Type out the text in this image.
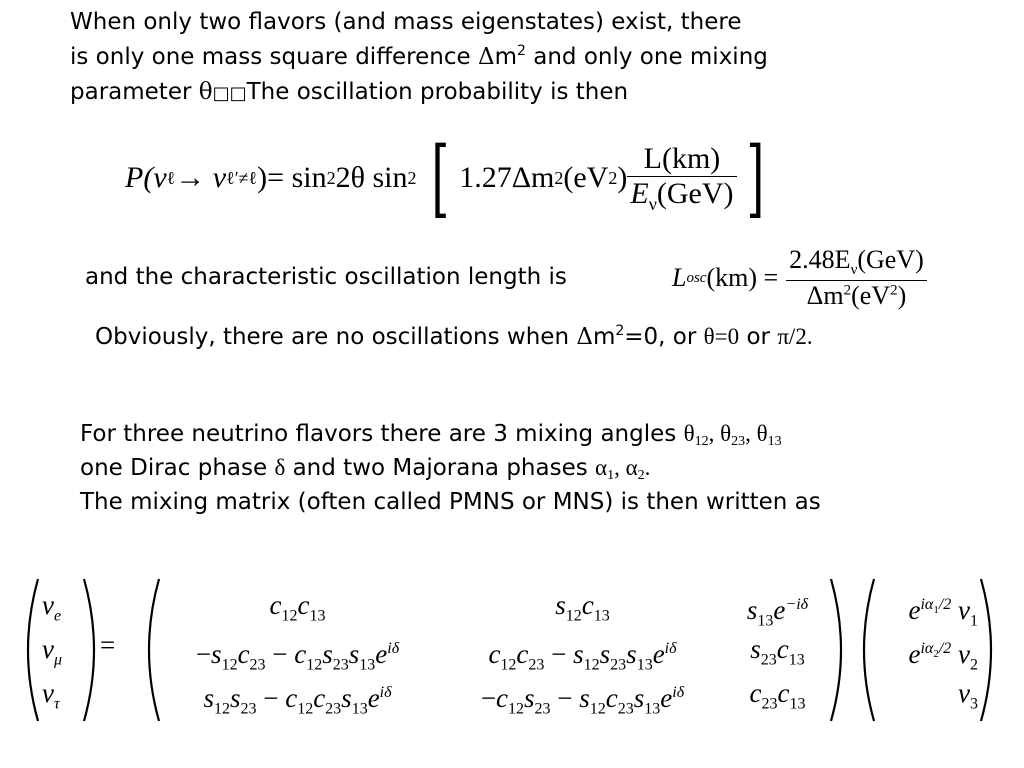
When only two flavors (and mass eigenstates) exist, there
is only one mass square difference $\Delta m^2$ and only one mixing
parameter θ□□The oscillation probability is then
P(ν ℓ → ν ℓ′≠ℓ ) = sin 2 2θ sin 2 [ 1.27Δm 2 (eV 2 ) $\frac{L(km)}{E_\nu(GeV)}$ ]
and the characteristic oscillation length is	L osc $(km) = \frac{2.48E_\nu(GeV)}{\Delta m^2(eV^2)}$
Obviously, there are no oscillations when $\Delta m^2=0$, or θ=0 or π/2.
For three neutrino flavors there are 3 mixing angles $\theta_{12}$, $\theta_{23}$, $\theta_{13}$
one Dirac phase δ and two Majorana phases $\alpha_1$, $\alpha_2$.
The mixing matrix (often called PMNS or MNS) is then written as
$\nu_e$
$\nu_\mu$
$\nu_\tau$
=
$c_{12}c_{13}$
$-s_{12}c_{23} - c_{12}s_{23}s_{13}e^{i\delta}$
$s_{12}s_{23} - c_{12}c_{23}s_{13}e^{i\delta}$
$s_{12}c_{13}$
$c_{12}c_{23} - s_{12}s_{23}s_{13}e^{i\delta}$
$-c_{12}s_{23} - s_{12}c_{23}s_{13}e^{i\delta}$
$s_{13}e^{-i\delta}$
$s_{23}c_{13}$
$c_{23}c_{13}$
$e^{i\alpha_1/2}$ $\nu_1$
$e^{i\alpha_2/2}$ $\nu_2$
$\nu_3$
